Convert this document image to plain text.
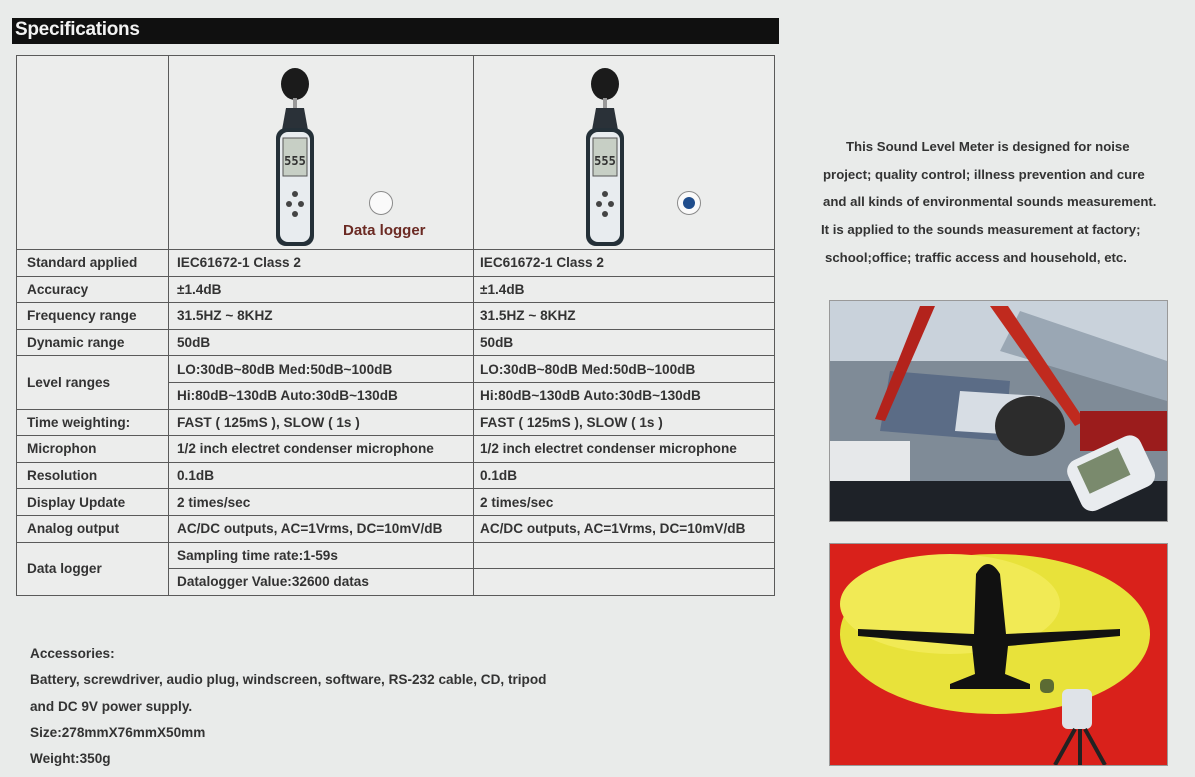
Specifications

555
Data logger	555

Standard applied	IEC61672-1 Class 2	IEC61672-1 Class 2
Accuracy	±1.4dB	±1.4dB
Frequency range	31.5HZ ~ 8KHZ	31.5HZ ~ 8KHZ
Dynamic range	50dB	50dB
Level ranges	LO:30dB~80dB Med:50dB~100dB	LO:30dB~80dB Med:50dB~100dB
	Hi:80dB~130dB Auto:30dB~130dB	Hi:80dB~130dB Auto:30dB~130dB
Time weighting:	FAST ( 125mS ), SLOW ( 1s )	FAST ( 125mS ), SLOW ( 1s )
Microphon	1/2 inch electret condenser microphone	1/2 inch electret condenser microphone
Resolution	0.1dB	0.1dB
Display Update	2 times/sec	2 times/sec
Analog output	AC/DC outputs, AC=1Vrms, DC=10mV/dB	AC/DC outputs, AC=1Vrms, DC=10mV/dB
Data logger	Sampling time rate:1-59s	
	Datalogger Value:32600 datas	

This Sound Level Meter is designed for noise

project; quality control; illness prevention and cure

and all kinds of environmental sounds measurement.

It is applied to the sounds measurement at factory;

school;office; traffic access and household, etc.

Accessories:

Battery, screwdriver, audio plug, windscreen, software, RS-232 cable, CD, tripod

and DC 9V power supply.

Size:278mmX76mmX50mm

Weight:350g
